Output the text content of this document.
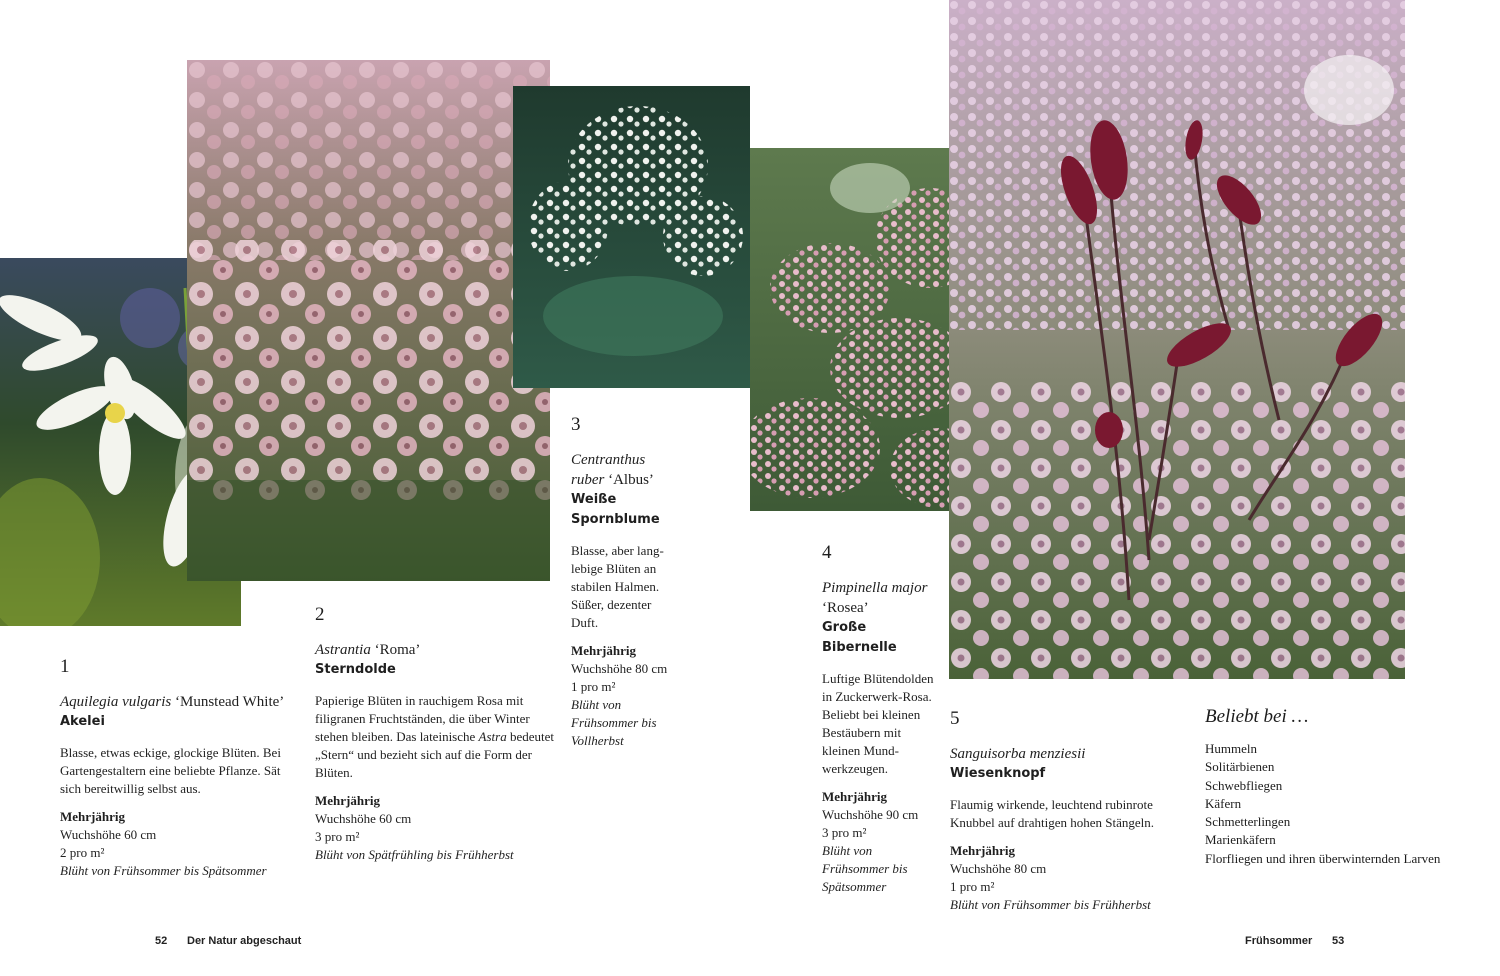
1

Aquilegia vulgaris ‘Munstead White’

Akelei

Blasse, etwas eckige, glockige Blüten. Bei Gartengestaltern eine beliebte Pflanze. Sät sich bereitwillig selbst aus.

Mehrjährig

Wuchshöhe 60 cm

2 pro m²

Blüht von Frühsommer bis Spätsommer

2

Astrantia ‘Roma’

Sterndolde

Papierige Blüten in rauchigem Rosa mit filigranen Fruchtständen, die über Winter stehen bleiben. Das lateinische Astra bedeutet „Stern“ und bezieht sich auf die Form der Blüten.

Mehrjährig

Wuchshöhe 60 cm

3 pro m²

Blüht von Spätfrühling bis Frühherbst

3

Centranthus ruber ‘Albus’

Weiße Spornblume

Blasse, aber lang-lebige Blüten an stabilen Halmen. Süßer, dezenter Duft.

Mehrjährig

Wuchshöhe 80 cm

1 pro m²

Blüht von Frühsommer bis Vollherbst

4

Pimpinella major ‘Rosea’

Große Bibernelle

Luftige Blütendolden in Zuckerwerk-Rosa. Beliebt bei kleinen Bestäubern mit kleinen Mund-werkzeugen.

Mehrjährig

Wuchshöhe 90 cm

3 pro m²

Blüht von Frühsommer bis Spätsommer

5

Sanguisorba menziesii

Wiesenknopf

Flaumig wirkende, leuchtend rubinrote Knubbel auf drahtigen hohen Stängeln.

Mehrjährig

Wuchshöhe 80 cm

1 pro m²

Blüht von Frühsommer bis Frühherbst

Beliebt bei …
Hummeln
Solitärbienen
Schwebfliegen
Käfern
Schmetterlingen
Marienkäfern
Florfliegen und ihren überwinternden Larven
52 Der Natur abgeschaut	Frühsommer 53
